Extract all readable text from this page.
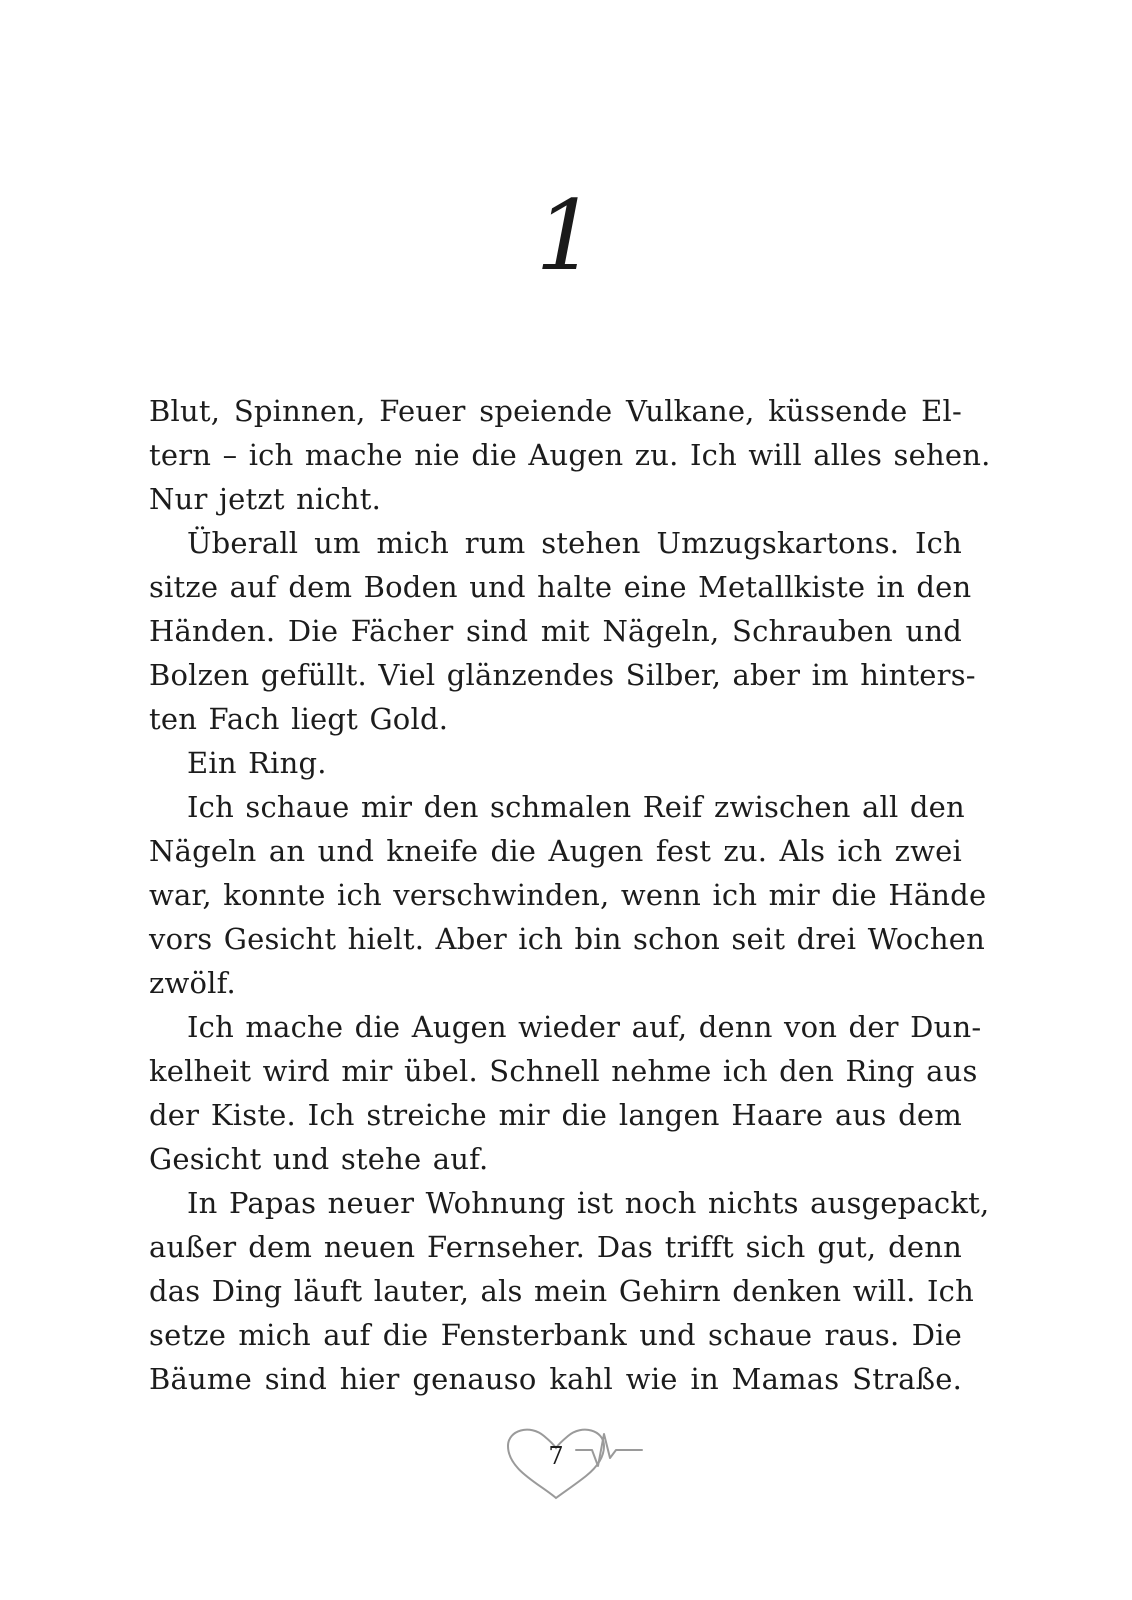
1
Blut, Spinnen, Feuer speiende Vulkane, küssende El-
tern – ich mache nie die Augen zu. Ich will alles sehen.
Nur jetzt nicht.
Überall um mich rum stehen Umzugskartons. Ich
sitze auf dem Boden und halte eine Metallkiste in den
Händen. Die Fächer sind mit Nägeln, Schrauben und
Bolzen gefüllt. Viel glänzendes Silber, aber im hinters-
ten Fach liegt Gold.
Ein Ring.
Ich schaue mir den schmalen Reif zwischen all den
Nägeln an und kneife die Augen fest zu. Als ich zwei
war, konnte ich verschwinden, wenn ich mir die Hände
vors Gesicht hielt. Aber ich bin schon seit drei Wochen
zwölf.
Ich mache die Augen wieder auf, denn von der Dun-
kelheit wird mir übel. Schnell nehme ich den Ring aus
der Kiste. Ich streiche mir die langen Haare aus dem
Gesicht und stehe auf.
In Papas neuer Wohnung ist noch nichts ausgepackt,
außer dem neuen Fernseher. Das trifft sich gut, denn
das Ding läuft lauter, als mein Gehirn denken will. Ich
setze mich auf die Fensterbank und schaue raus. Die
Bäume sind hier genauso kahl wie in Mamas Straße.
7
